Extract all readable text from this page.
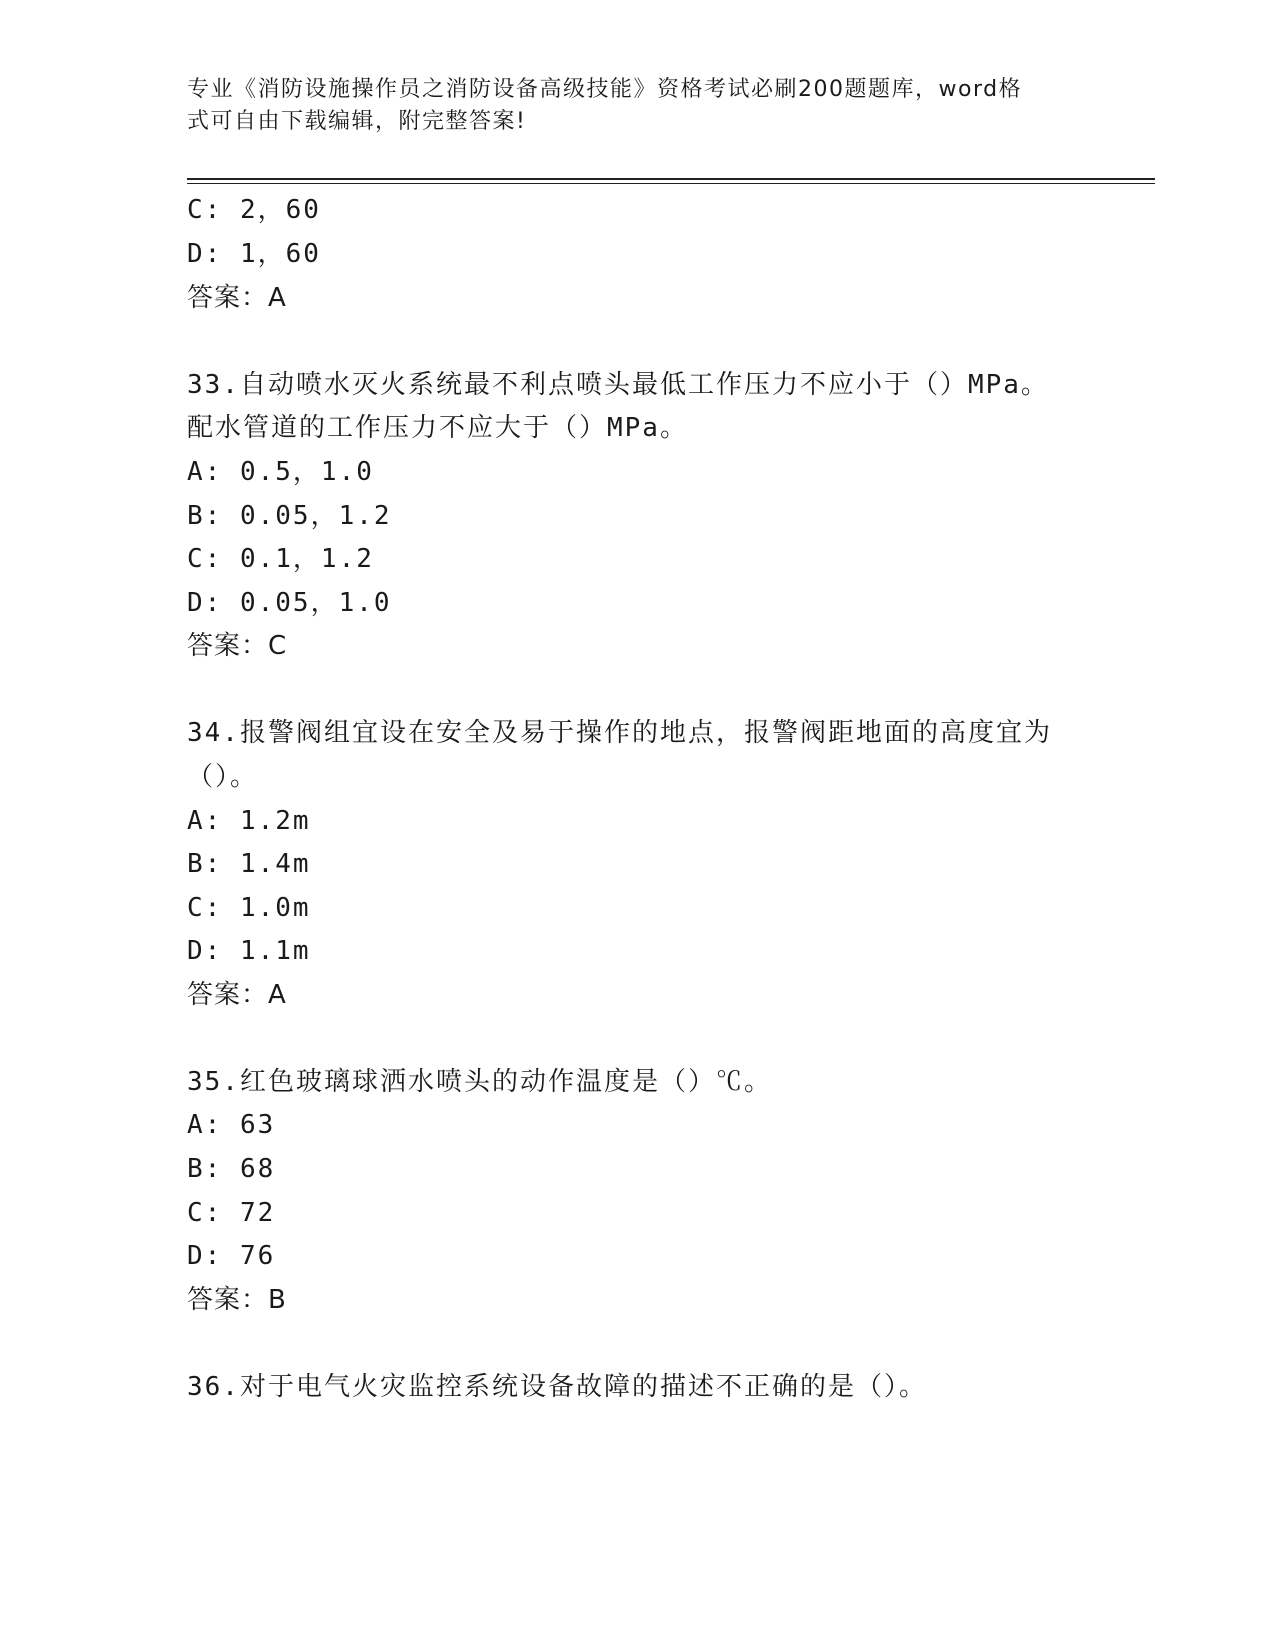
专业《消防设施操作员之消防设备高级技能》资格考试必刷200题题库，word格
式可自由下载编辑，附完整答案!
C: 2，60
D: 1，60
答案：A
33.自动喷水灭火系统最不利点喷头最低工作压力不应小于（）MPa。
配水管道的工作压力不应大于（）MPa。
A: 0.5，1.0
B: 0.05，1.2
C: 0.1，1.2
D: 0.05，1.0
答案：C
34.报警阀组宜设在安全及易于操作的地点，报警阀距地面的高度宜为
（）。
A: 1.2m
B: 1.4m
C: 1.0m
D: 1.1m
答案：A
35.红色玻璃球洒水喷头的动作温度是（）℃。
A: 63
B: 68
C: 72
D: 76
答案：B
36.对于电气火灾监控系统设备故障的描述不正确的是（）。
